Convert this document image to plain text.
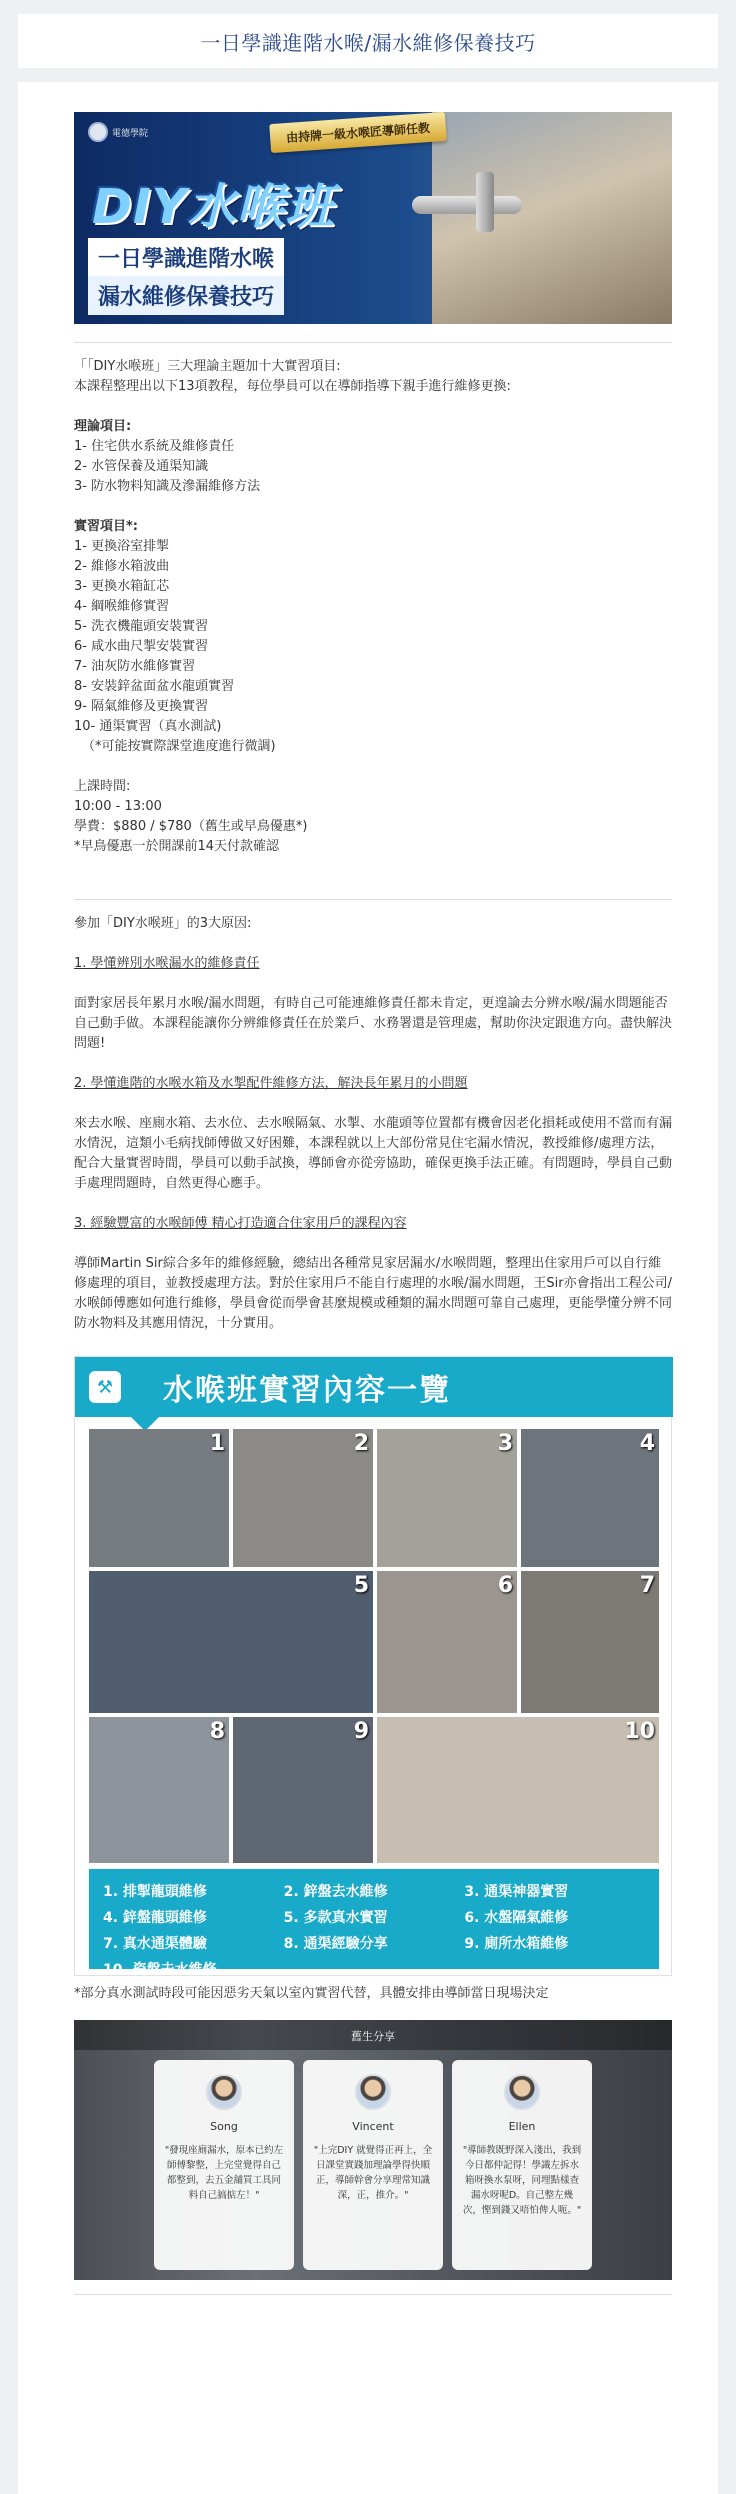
一日學識進階水喉/漏水維修保養技巧
電德學院	由持牌一級水喉匠導師任教
DIY水喉班
一日學識進階水喉
漏水維修保養技巧

「「DIY水喉班」三大理論主題加十大實習項目:

本課程整理出以下13項教程，每位學員可以在導師指導下親手進行維修更換:

理論項目:

1- 住宅供水系統及維修責任

2- 水管保養及通渠知識

3- 防水物料知識及滲漏維修方法

實習項目*:

1- 更換浴室排掣

2- 維修水箱波曲

3- 更換水箱缸芯

4- 綱喉維修實習

5- 洗衣機龍頭安裝實習

6- 咸水曲尺掣安裝實習

7- 油灰防水維修實習

8- 安裝鋅盆面盆水龍頭實習

9- 隔氣維修及更換實習

10- 通渠實習（真水測試)

（*可能按實際課堂進度進行微調)

上課時間:

10:00 - 13:00

學費：$880 / $780（舊生或早鳥優惠*)

*早鳥優惠一於開課前14天付款確認

參加「DIY水喉班」的3大原因:

1. 學懂辨別水喉漏水的維修責任

面對家居長年累月水喉/漏水問題，有時自己可能連維修責任都未肯定，更遑論去分辨水喉/漏水問題能否自己動手做。本課程能讓你分辨維修責任在於業戶、水務署還是管理處，幫助你決定跟進方向。盡快解決問題!

2. 學懂進階的水喉水箱及水掣配件維修方法，解決長年累月的小問題

來去水喉、座廁水箱、去水位、去水喉隔氣、水掣、水龍頭等位置都有機會因老化損耗或使用不當而有漏水情況，這類小毛病找師傅做又好困難，本課程就以上大部份常見住宅漏水情況，教授維修/處理方法，配合大量實習時間，學員可以動手試換，導師會亦從旁協助，確保更換手法正確。有問題時，學員自己動手處理問題時，自然更得心應手。

3. 經驗豐富的水喉師傅 精心打造適合住家用戶的課程內容

導師Martin Sir綜合多年的維修經驗，總結出各種常見家居漏水/水喉問題，整理出住家用戶可以自行維修處理的項目，並教授處理方法。對於住家用戶不能自行處理的水喉/漏水問題，王Sir亦會指出工程公司/水喉師傅應如何進行維修，學員會從而學會甚麼規模或種類的漏水問題可靠自己處理，更能學懂分辨不同防水物料及其應用情況，十分實用。

⚒ 水喉班實習內容一覽
1	2	3	4
5	6	7
8	9	10
1. 排掣龍頭維修	2. 鋅盤去水維修	3. 通渠神器實習
4. 鋅盤龍頭維修	5. 多款真水實習	6. 水盤隔氣維修
7. 真水通渠體驗	8. 通渠經驗分享	9. 廁所水箱維修
10. 瓷盤去水維修

*部分真水測試時段可能因惡劣天氣以室內實習代替，具體安排由導師當日現場決定

舊生分享
Song
"發現座廁漏水，原本已約左師傅黎整，上完堂覺得自己都整到，去五金舖買工具同料自己搞掂左！"
Vincent
"上完DIY 就覺得正再上，全日課堂實踐加理論學得快順正，導師幹會分享理常知識深，正，推介。"
Ellen
"導師教既野深入淺出，我到今日都仲記得！學識左拆水箱呀換水泵呀，同埋點樣查漏水呀呢D。自己整左幾次，慳到錢又唔怕俾人呃。"
